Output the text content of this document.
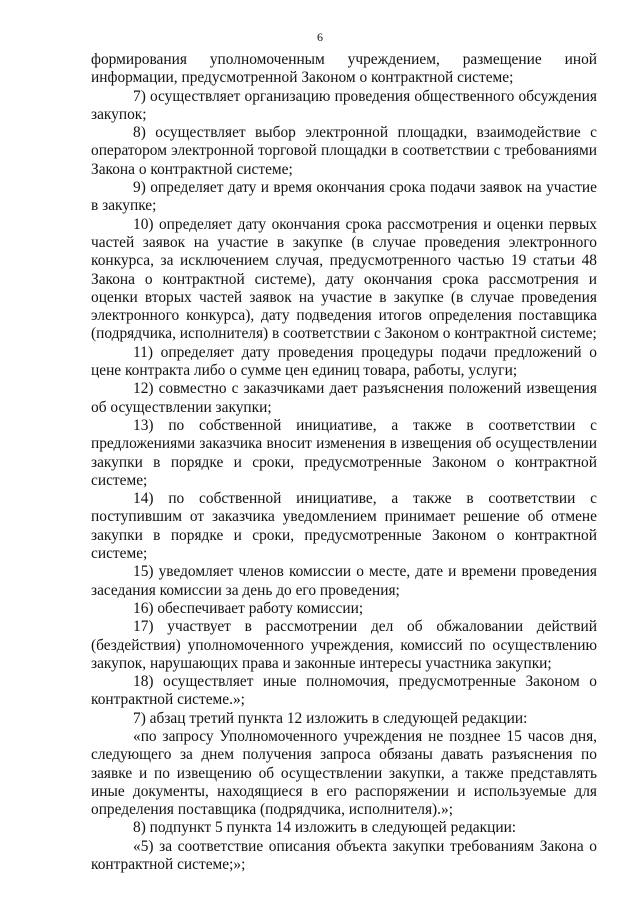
6

формирования уполномоченным учреждением, размещение иной информации, предусмотренной Законом о контрактной системе;

7) осуществляет организацию проведения общественного обсуждения закупок;

8) осуществляет выбор электронной площадки, взаимодействие с оператором электронной торговой площадки в соответствии с требованиями Закона о контрактной системе;

9) определяет дату и время окончания срока подачи заявок на участие в закупке;

10) определяет дату окончания срока рассмотрения и оценки первых частей заявок на участие в закупке (в случае проведения электронного конкурса, за исключением случая, предусмотренного частью 19 статьи 48 Закона о контрактной системе), дату окончания срока рассмотрения и оценки вторых частей заявок на участие в закупке (в случае проведения электронного конкурса), дату подведения итогов определения поставщика (подрядчика, исполнителя) в соответствии с Законом о контрактной системе;

11) определяет дату проведения процедуры подачи предложений о цене контракта либо о сумме цен единиц товара, работы, услуги;

12) совместно с заказчиками дает разъяснения положений извещения об осуществлении закупки;

13) по собственной инициативе, а также в соответствии с предложениями заказчика вносит изменения в извещения об осуществлении закупки в порядке и сроки, предусмотренные Законом о контрактной системе;

14) по собственной инициативе, а также в соответствии с поступившим от заказчика уведомлением принимает решение об отмене закупки в порядке и сроки, предусмотренные Законом о контрактной системе;

15) уведомляет членов комиссии о месте, дате и времени проведения заседания комиссии за день до его проведения;

16) обеспечивает работу комиссии;

17) участвует в рассмотрении дел об обжаловании действий (бездействия) уполномоченного учреждения, комиссий по осуществлению закупок, нарушающих права и законные интересы участника закупки;

18) осуществляет иные полномочия, предусмотренные Законом о контрактной системе.»;

7) абзац третий пункта 12 изложить в следующей редакции:

«по запросу Уполномоченного учреждения не позднее 15 часов дня, следующего за днем получения запроса обязаны давать разъяснения по заявке и по извещению об осуществлении закупки, а также представлять иные документы, находящиеся в его распоряжении и используемые для определения поставщика (подрядчика, исполнителя).»;

8) подпункт 5 пункта 14 изложить в следующей редакции:

«5) за соответствие описания объекта закупки требованиям Закона о контрактной системе;»;
